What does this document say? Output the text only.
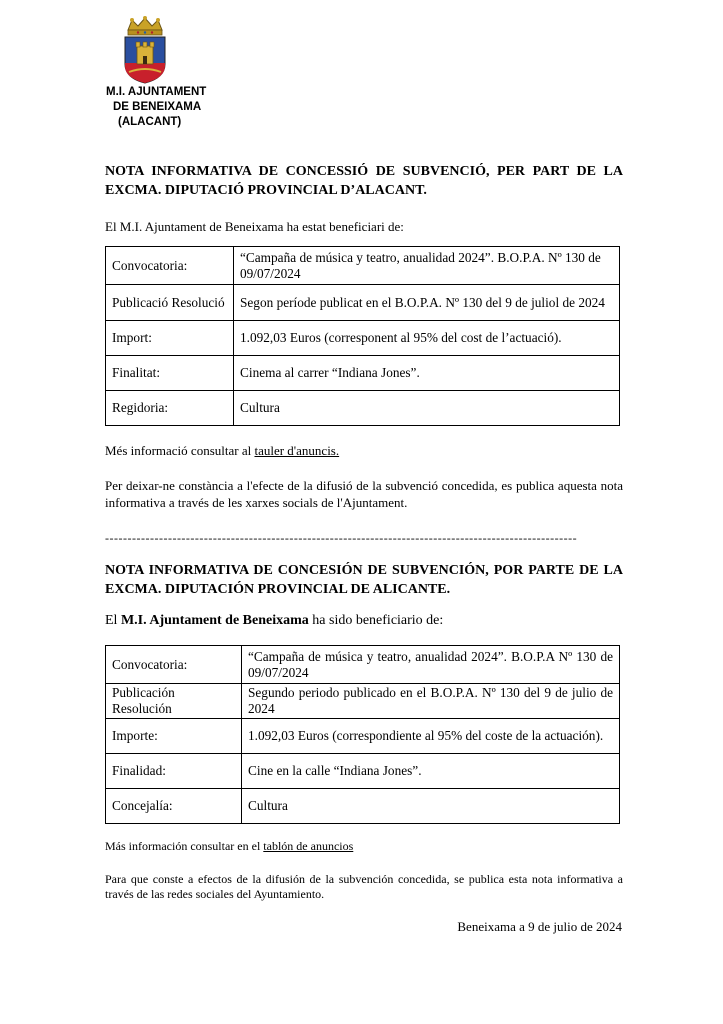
M.I. AJUNTAMENT
DE BENEIXAMA
(ALACANT)
NOTA INFORMATIVA DE CONCESSIÓ DE SUBVENCIÓ, PER PART DE LA EXCMA. DIPUTACIÓ PROVINCIAL D’ALACANT.
El M.I. Ajuntament de Beneixama ha estat beneficiari de:
Convocatoria:	“Campaña de música y teatro, anualidad 2024”. B.O.P.A. Nº 130 de 09/07/2024
Publicació Resolució	Segon període publicat en el B.O.P.A. Nº 130 del 9 de juliol de 2024
Import:	1.092,03 Euros (corresponent al 95% del cost de l’actuació).
Finalitat:	Cinema al carrer “Indiana Jones”.
Regidoria:	Cultura
Més informació consultar al tauler d'anuncis.
Per deixar-ne constància a l'efecte de la difusió de la subvenció concedida, es publica aquesta nota informativa a través de les xarxes socials de l'Ajuntament.
---------------------------------------------------------------------------------------------------------
NOTA INFORMATIVA DE CONCESIÓN DE SUBVENCIÓN, POR PARTE DE LA EXCMA. DIPUTACIÓN PROVINCIAL DE ALICANTE.
El M.I. Ajuntament de Beneixama ha sido beneficiario de:
Convocatoria:	“Campaña de música y teatro, anualidad 2024”. B.O.P.A Nº 130 de 09/07/2024
Publicación Resolución	Segundo periodo publicado en el B.O.P.A. Nº 130 del 9 de julio de 2024
Importe:	1.092,03 Euros (correspondiente al 95% del coste de la actuación).
Finalidad:	Cine en la calle “Indiana Jones”.
Concejalía:	Cultura
Más información consultar en el tablón de anuncios
Para que conste a efectos de la difusión de la subvención concedida, se publica esta nota informativa a través de las redes sociales del Ayuntamiento.
Beneixama a 9 de julio de 2024
